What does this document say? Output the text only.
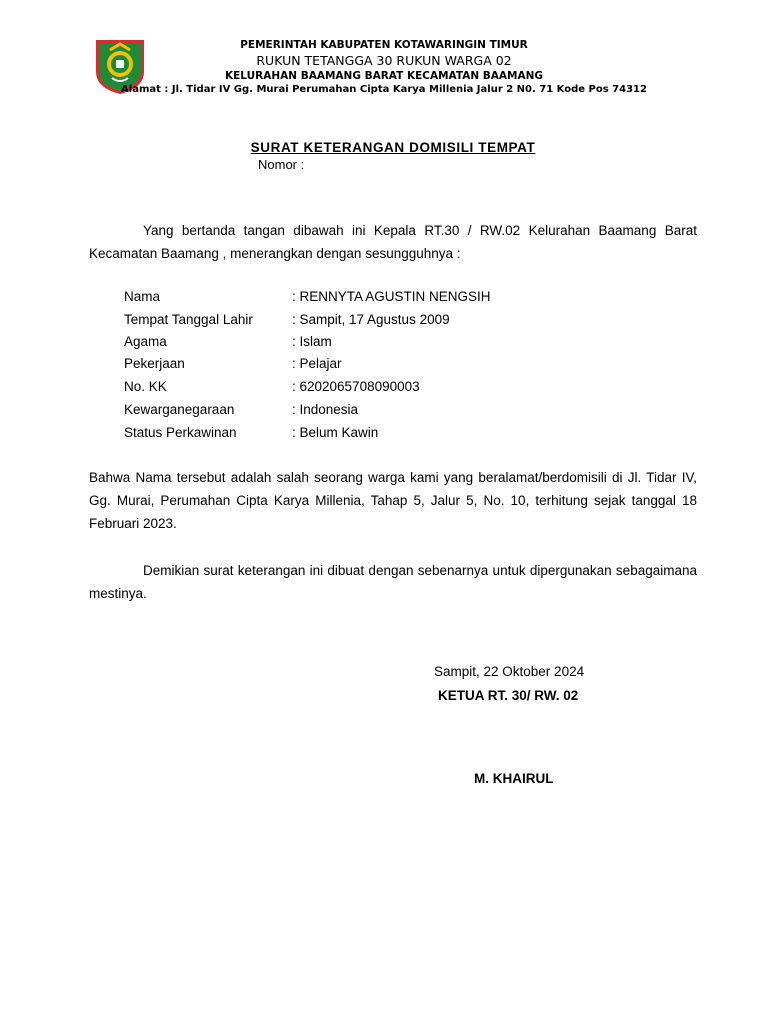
PEMERINTAH KABUPATEN KOTAWARINGIN TIMUR
RUKUN TETANGGA 30 RUKUN WARGA 02
KELURAHAN BAAMANG BARAT KECAMATAN BAAMANG
Alamat : Jl. Tidar IV Gg. Murai Perumahan Cipta Karya Millenia Jalur 2 N0. 71 Kode Pos 74312
SURAT KETERANGAN DOMISILI TEMPAT
Nomor :
Yang bertanda tangan dibawah ini Kepala RT.30 / RW.02 Kelurahan Baamang Barat Kecamatan Baamang , menerangkan dengan sesungguhnya :
Nama	: RENNYTA AGUSTIN NENGSIH
Tempat Tanggal Lahir	: Sampit, 17 Agustus 2009
Agama	: Islam
Pekerjaan	: Pelajar
No. KK	: 6202065708090003
Kewarganegaraan	: Indonesia
Status Perkawinan	: Belum Kawin
Bahwa Nama tersebut adalah salah seorang warga kami yang beralamat/berdomisili di Jl. Tidar IV, Gg. Murai, Perumahan Cipta Karya Millenia, Tahap 5, Jalur 5, No. 10, terhitung sejak tanggal 18 Februari 2023.
Demikian surat keterangan ini dibuat dengan sebenarnya untuk dipergunakan sebagaimana mestinya.
Sampit, 22 Oktober 2024
KETUA RT. 30/ RW. 02
M. KHAIRUL
